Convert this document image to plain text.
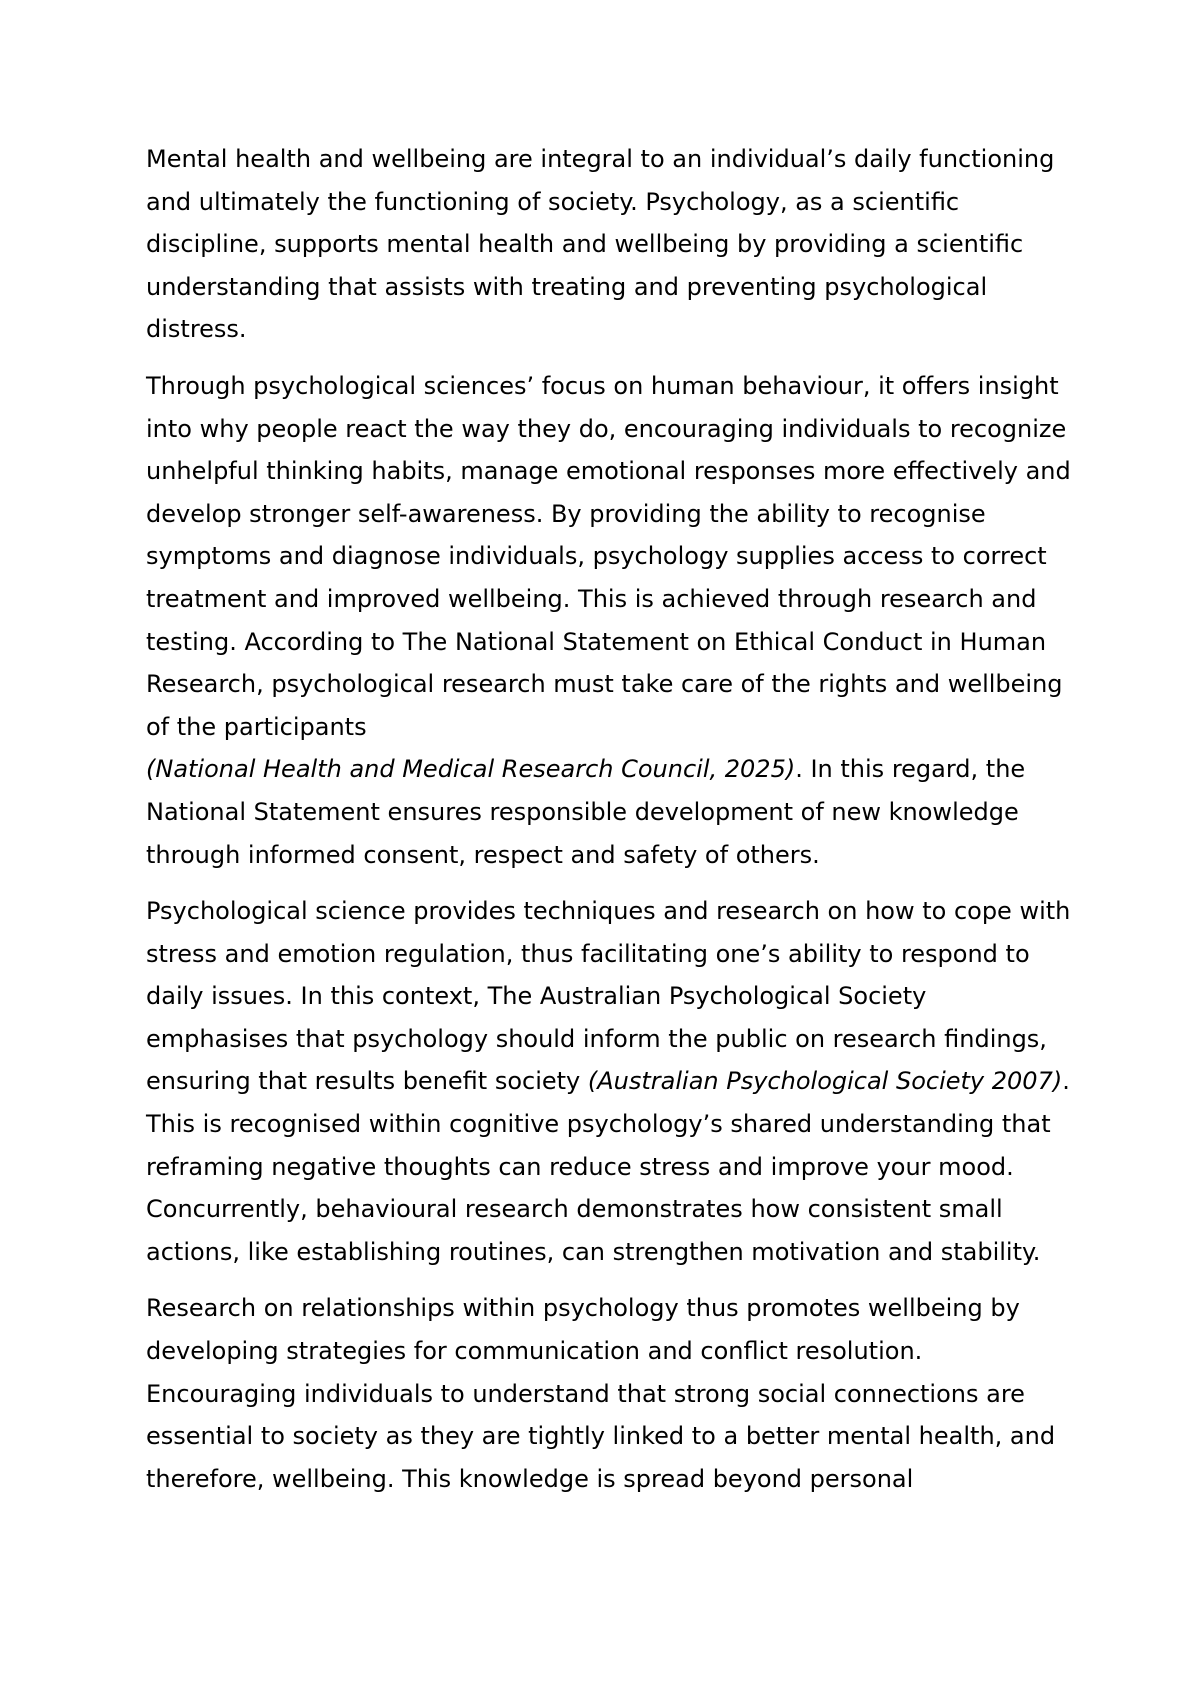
Mental health and wellbeing are integral to an individual’s daily functioning and ultimately the functioning of society. Psychology, as a scientific discipline, supports mental health and wellbeing by providing a scientific understanding that assists with treating and preventing psychological distress.

Through psychological sciences’ focus on human behaviour, it offers insight into why people react the way they do, encouraging individuals to recognize unhelpful thinking habits, manage emotional responses more effectively and develop stronger self-awareness. By providing the ability to recognise symptoms and diagnose individuals, psychology supplies access to correct treatment and improved wellbeing. This is achieved through research and testing. According to The National Statement on Ethical Conduct in Human Research, psychological research must take care of the rights and wellbeing of the participants
(National Health and Medical Research Council, 2025). In this regard, the National Statement ensures responsible development of new knowledge through informed consent, respect and safety of others.

Psychological science provides techniques and research on how to cope with stress and emotion regulation, thus facilitating one’s ability to respond to daily issues. In this context, The Australian Psychological Society emphasises that psychology should inform the public on research findings, ensuring that results benefit society (Australian Psychological Society 2007). This is recognised within cognitive psychology’s shared understanding that reframing negative thoughts can reduce stress and improve your mood. Concurrently, behavioural research demonstrates how consistent small actions, like establishing routines, can strengthen motivation and stability.

Research on relationships within psychology thus promotes wellbeing by developing strategies for communication and conflict resolution. Encouraging individuals to understand that strong social connections are essential to society as they are tightly linked to a better mental health, and therefore, wellbeing. This knowledge is spread beyond personal
